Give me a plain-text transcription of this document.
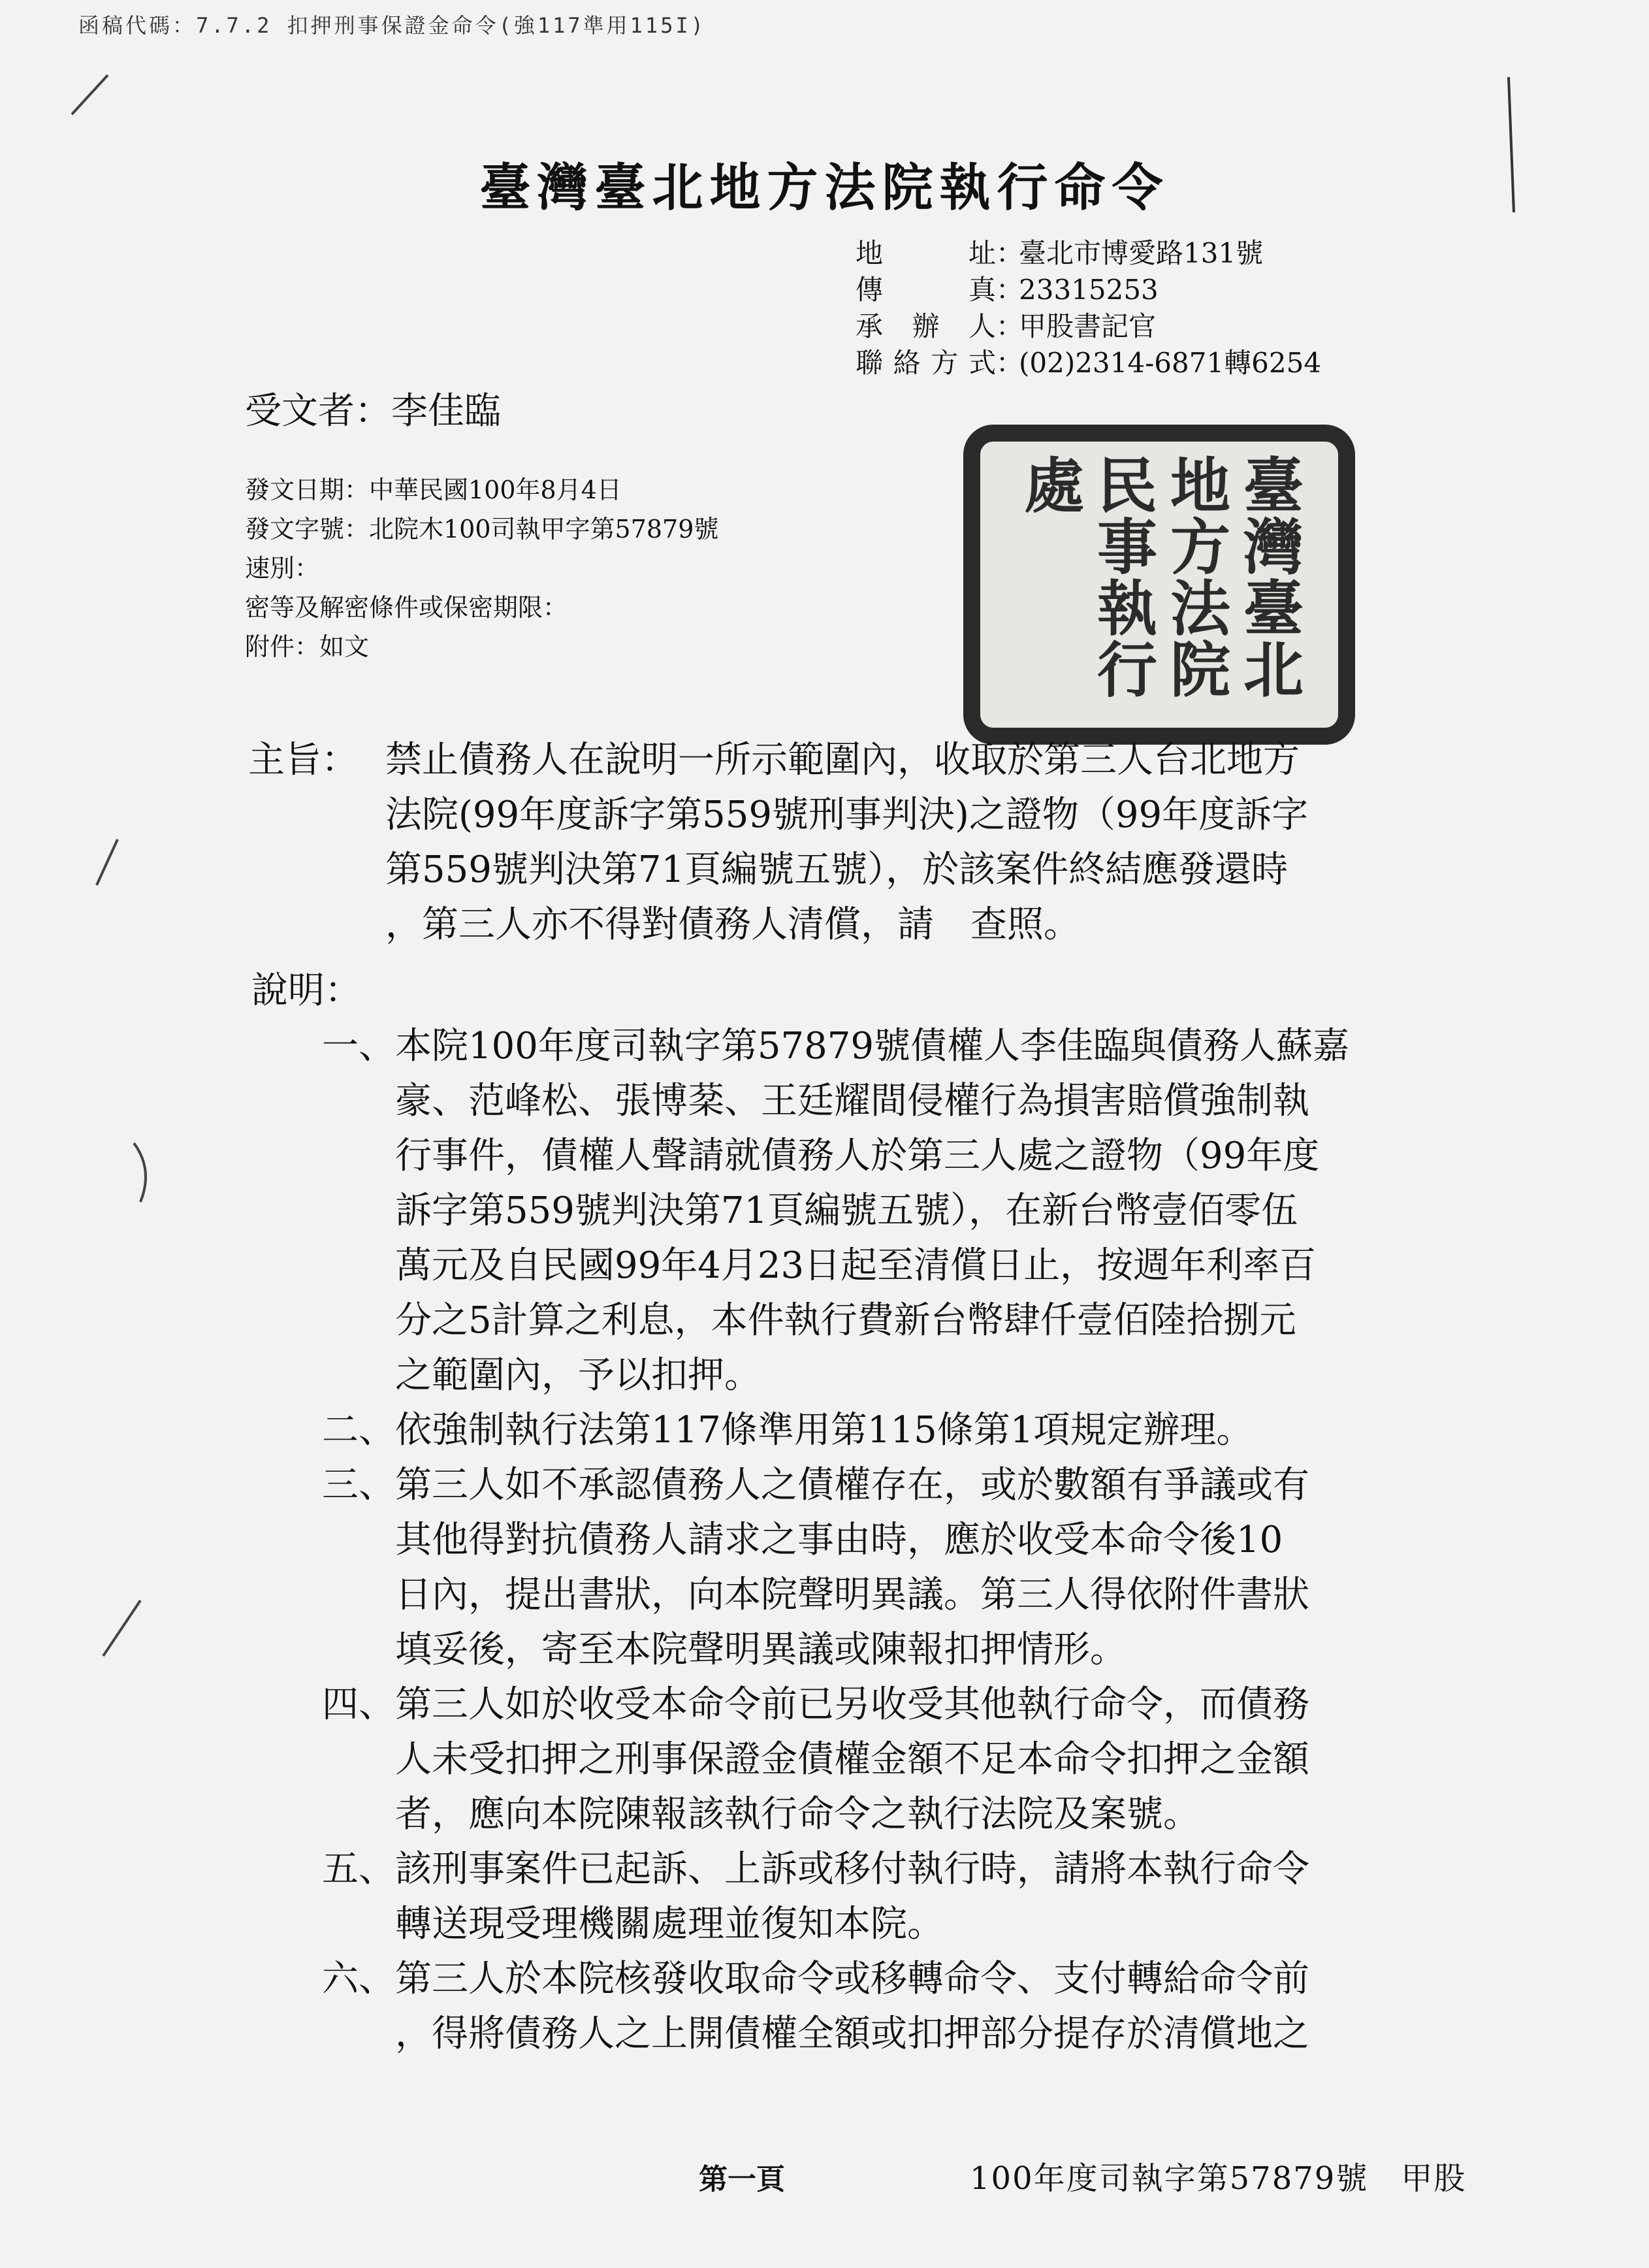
函稿代碼：7.7.2 扣押刑事保證金命令(強117準用115I)
臺灣臺北地方法院執行命令
地　址 ：
臺北市博愛路131號
傳　真 ：
23315253
承辦人 ：
甲股書記官
聯絡方式 ：
(02)2314-6871轉6254
受文者：李佳臨
發文日期：中華民國100年8月4日
發文字號：北院木100司執甲字第57879號
速別：
密等及解密條件或保密期限：
附件：如文	臺灣臺北地方法院民事執行處
主旨： 禁止債務人在說明一所示範圍內，收取於第三人台北地方
法院(99年度訴字第559號刑事判決)之證物（99年度訴字
第559號判決第71頁編號五號），於該案件終結應發還時
，第三人亦不得對債務人清償，請　查照。
說明：
一、 本院100年度司執字第57879號債權人李佳臨與債務人蘇嘉
豪、范峰松、張博棻、王廷耀間侵權行為損害賠償強制執
行事件，債權人聲請就債務人於第三人處之證物（99年度
訴字第559號判決第71頁編號五號），在新台幣壹佰零伍
萬元及自民國99年4月23日起至清償日止，按週年利率百
分之5計算之利息，本件執行費新台幣肆仟壹佰陸拾捌元
之範圍內，予以扣押。
二、 依強制執行法第117條準用第115條第1項規定辦理。
三、 第三人如不承認債務人之債權存在，或於數額有爭議或有
其他得對抗債務人請求之事由時，應於收受本命令後10
日內，提出書狀，向本院聲明異議。第三人得依附件書狀
填妥後，寄至本院聲明異議或陳報扣押情形。
四、 第三人如於收受本命令前已另收受其他執行命令，而債務
人未受扣押之刑事保證金債權金額不足本命令扣押之金額
者，應向本院陳報該執行命令之執行法院及案號。
五、 該刑事案件已起訴、上訴或移付執行時，請將本執行命令
轉送現受理機關處理並復知本院。
六、 第三人於本院核發收取命令或移轉命令、支付轉給命令前
，得將債務人之上開債權全額或扣押部分提存於清償地之
第一頁	100年度司執字第57879號　甲股
